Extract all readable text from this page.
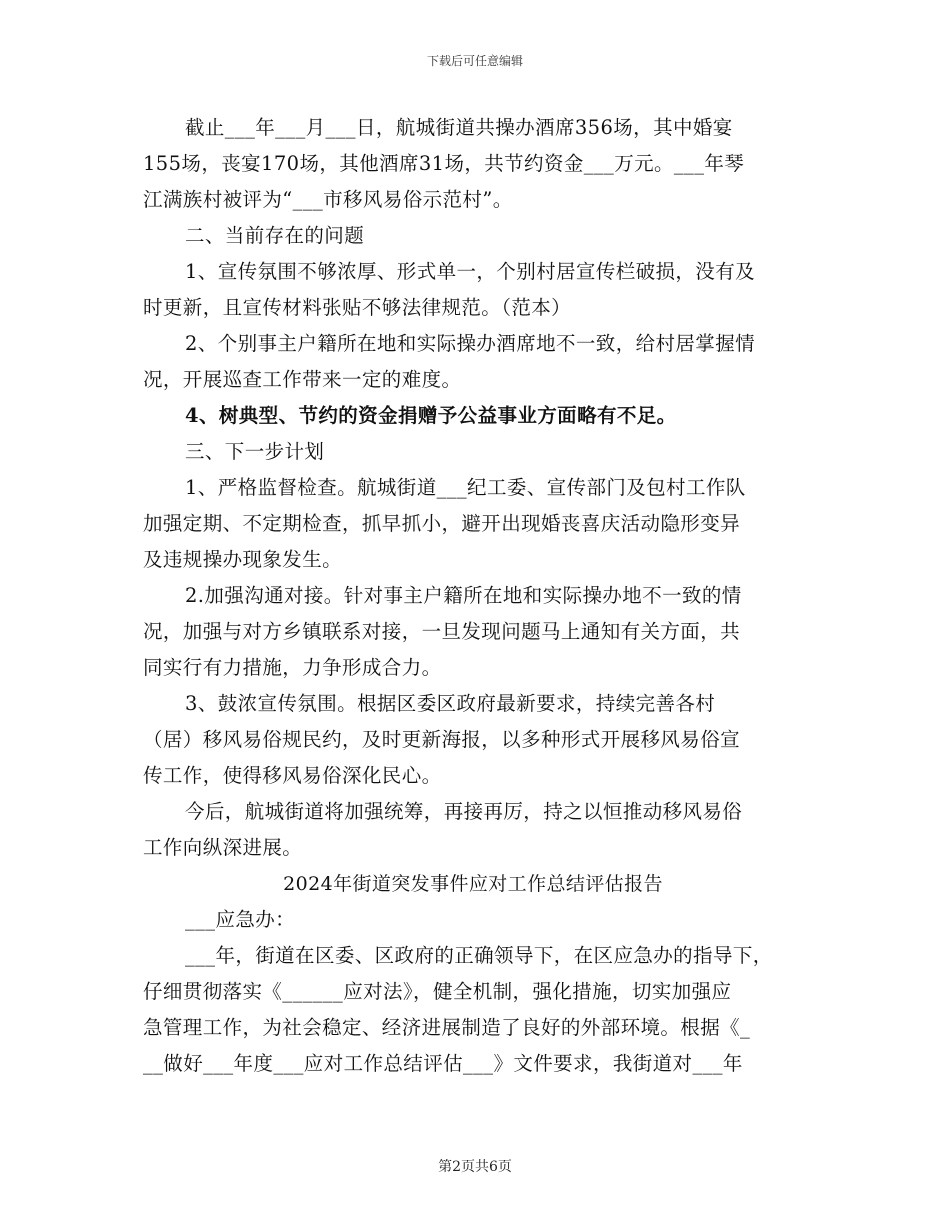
下载后可任意编辑
截止___年___月___日，航城街道共操办酒席356场，其中婚宴
155场，丧宴170场，其他酒席31场，共节约资金___万元。___年琴
江满族村被评为“___市移风易俗示范村”。
二、当前存在的问题
1、宣传氛围不够浓厚、形式单一，个别村居宣传栏破损，没有及
时更新，且宣传材料张贴不够法律规范。（范本）
2、个别事主户籍所在地和实际操办酒席地不一致，给村居掌握情
况，开展巡查工作带来一定的难度。
4、树典型、节约的资金捐赠予公益事业方面略有不足。
三、下一步计划
1、严格监督检查。航城街道___纪工委、宣传部门及包村工作队
加强定期、不定期检查，抓早抓小，避开出现婚丧喜庆活动隐形变异
及违规操办现象发生。
2.加强沟通对接。针对事主户籍所在地和实际操办地不一致的情
况，加强与对方乡镇联系对接，一旦发现问题马上通知有关方面，共
同实行有力措施，力争形成合力。
3、鼓浓宣传氛围。根据区委区政府最新要求，持续完善各村
（居）移风易俗规民约，及时更新海报，以多种形式开展移风易俗宣
传工作，使得移风易俗深化民心。
今后，航城街道将加强统筹，再接再厉，持之以恒推动移风易俗
工作向纵深进展。
2024年街道突发事件应对工作总结评估报告
___应急办：
___年，街道在区委、区政府的正确领导下，在区应急办的指导下，
仔细贯彻落实《______应对法》，健全机制，强化措施，切实加强应
急管理工作，为社会稳定、经济进展制造了良好的外部环境。根据《_
__做好___年度___应对工作总结评估___》文件要求，我街道对___年
第2页共6页
